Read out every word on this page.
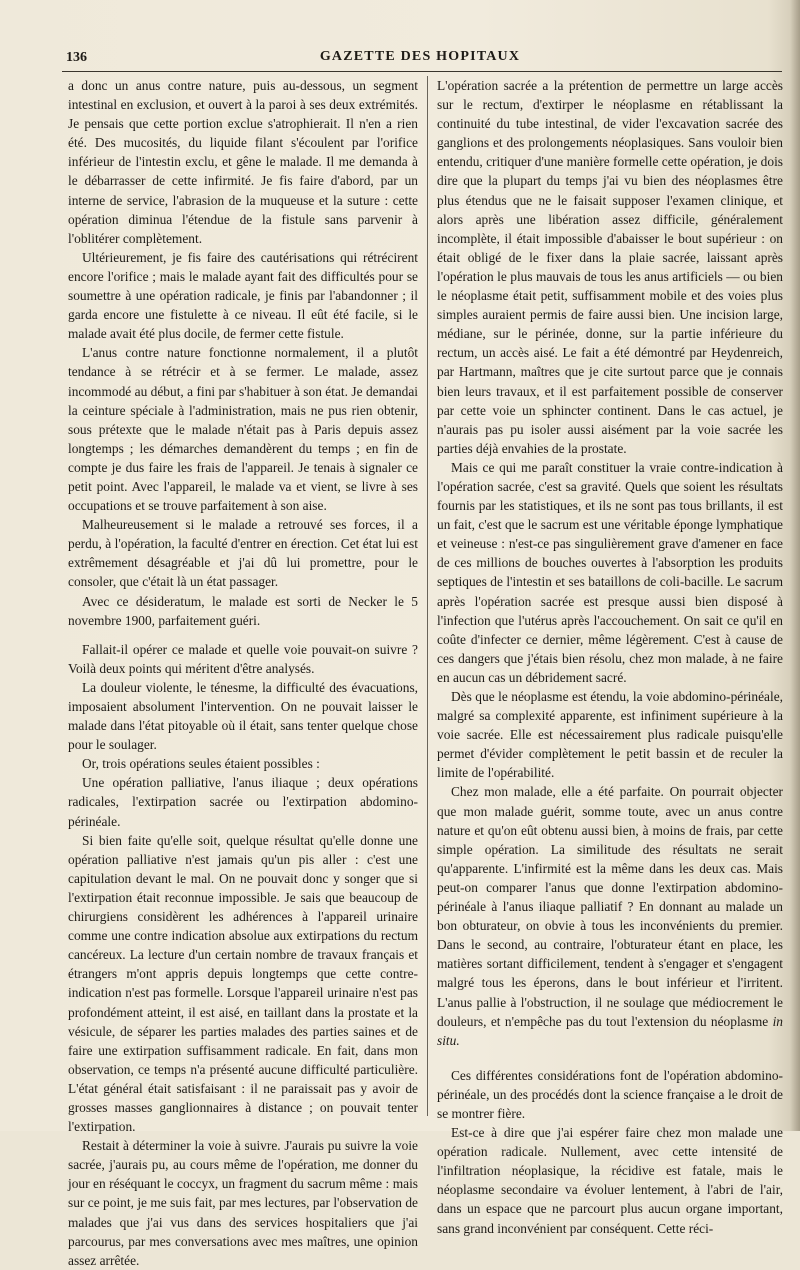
136	GAZETTE DES HOPITAUX

a donc un anus contre nature, puis au-dessous, un segment intestinal en exclusion, et ouvert à la paroi à ses deux extrémités. Je pensais que cette portion exclue s'atrophierait. Il n'en a rien été. Des mucosités, du liquide filant s'écoulent par l'orifice inférieur de l'intestin exclu, et gêne le malade. Il me demanda à le débarrasser de cette infirmité. Je fis faire d'abord, par un interne de service, l'abrasion de la muqueuse et la suture : cette opération diminua l'étendue de la fistule sans parvenir à l'oblitérer complètement.

Ultérieurement, je fis faire des cautérisations qui rétrécirent encore l'orifice ; mais le malade ayant fait des difficultés pour se soumettre à une opération radicale, je finis par l'abandonner ; il garda encore une fistulette à ce niveau. Il eût été facile, si le malade avait été plus docile, de fermer cette fistule.

L'anus contre nature fonctionne normalement, il a plutôt tendance à se rétrécir et à se fermer. Le malade, assez incommodé au début, a fini par s'habituer à son état. Je demandai la ceinture spéciale à l'administration, mais ne pus rien obtenir, sous prétexte que le malade n'était pas à Paris depuis assez longtemps ; les démarches demandèrent du temps ; en fin de compte je dus faire les frais de l'appareil. Je tenais à signaler ce petit point. Avec l'appareil, le malade va et vient, se livre à ses occupations et se trouve parfaitement à son aise.

Malheureusement si le malade a retrouvé ses forces, il a perdu, à l'opération, la faculté d'entrer en érection. Cet état lui est extrêmement désagréable et j'ai dû lui promettre, pour le consoler, que c'était là un état passager.

Avec ce désideratum, le malade est sorti de Necker le 5 novembre 1900, parfaitement guéri.

Fallait-il opérer ce malade et quelle voie pouvait-on suivre ? Voilà deux points qui méritent d'être analysés.

La douleur violente, le ténesme, la difficulté des évacuations, imposaient absolument l'intervention. On ne pouvait laisser le malade dans l'état pitoyable où il était, sans tenter quelque chose pour le soulager.

Or, trois opérations seules étaient possibles :

Une opération palliative, l'anus iliaque ; deux opérations radicales, l'extirpation sacrée ou l'extirpation abdomino-périnéale.

Si bien faite qu'elle soit, quelque résultat qu'elle donne une opération palliative n'est jamais qu'un pis aller : c'est une capitulation devant le mal. On ne pouvait donc y songer que si l'extirpation était reconnue impossible. Je sais que beaucoup de chirurgiens considèrent les adhérences à l'appareil urinaire comme une contre indication absolue aux extirpations du rectum cancéreux. La lecture d'un certain nombre de travaux français et étrangers m'ont appris depuis longtemps que cette contre-indication n'est pas formelle. Lorsque l'appareil urinaire n'est pas profondément atteint, il est aisé, en taillant dans la prostate et la vésicule, de séparer les parties malades des parties saines et de faire une extirpation suffisamment radicale. En fait, dans mon observation, ce temps n'a présenté aucune difficulté particulière. L'état général était satisfaisant : il ne paraissait pas y avoir de grosses masses ganglionnaires à distance ; on pouvait tenter l'extirpation.

Restait à déterminer la voie à suivre. J'aurais pu suivre la voie sacrée, j'aurais pu, au cours même de l'opération, me donner du jour en réséquant le coccyx, un fragment du sacrum même : mais sur ce point, je me suis fait, par mes lectures, par l'observation de malades que j'ai vus dans des services hospitaliers que j'ai parcourus, par mes conversations avec mes maîtres, une opinion assez arrêtée.

L'opération sacrée a la prétention de permettre un large accès sur le rectum, d'extirper le néoplasme en rétablissant la continuité du tube intestinal, de vider l'excavation sacrée des ganglions et des prolongements néoplasiques. Sans vouloir bien entendu, critiquer d'une manière formelle cette opération, je dois dire que la plupart du temps j'ai vu bien des néoplasmes être plus étendus que ne le faisait supposer l'examen clinique, et alors après une libération assez difficile, généralement incomplète, il était impossible d'abaisser le bout supérieur : on était obligé de le fixer dans la plaie sacrée, laissant après l'opération le plus mauvais de tous les anus artificiels — ou bien le néoplasme était petit, suffisamment mobile et des voies plus simples auraient permis de faire aussi bien. Une incision large, médiane, sur le périnée, donne, sur la partie inférieure du rectum, un accès aisé. Le fait a été démontré par Heydenreich, par Hartmann, maîtres que je cite surtout parce que je connais bien leurs travaux, et il est parfaitement possible de conserver par cette voie un sphincter continent. Dans le cas actuel, je n'aurais pas pu isoler aussi aisément par la voie sacrée les parties déjà envahies de la prostate.

Mais ce qui me paraît constituer la vraie contre-indication à l'opération sacrée, c'est sa gravité. Quels que soient les résultats fournis par les statistiques, et ils ne sont pas tous brillants, il est un fait, c'est que le sacrum est une véritable éponge lymphatique et veineuse : n'est-ce pas singulièrement grave d'amener en face de ces millions de bouches ouvertes à l'absorption les produits septiques de l'intestin et ses bataillons de coli-bacille. Le sacrum après l'opération sacrée est presque aussi bien disposé à l'infection que l'utérus après l'accouchement. On sait ce qu'il en coûte d'infecter ce dernier, même légèrement. C'est à cause de ces dangers que j'étais bien résolu, chez mon malade, à ne faire en aucun cas un débridement sacré.

Dès que le néoplasme est étendu, la voie abdomino-périnéale, malgré sa complexité apparente, est infiniment supérieure à la voie sacrée. Elle est nécessairement plus radicale puisqu'elle permet d'évider complètement le petit bassin et de reculer la limite de l'opérabilité.

Chez mon malade, elle a été parfaite. On pourrait objecter que mon malade guérit, somme toute, avec un anus contre nature et qu'on eût obtenu aussi bien, à moins de frais, par cette simple opération. La similitude des résultats ne serait qu'apparente. L'infirmité est la même dans les deux cas. Mais peut-on comparer l'anus que donne l'extirpation abdomino-périnéale à l'anus iliaque palliatif ? En donnant au malade un bon obturateur, on obvie à tous les inconvénients du premier. Dans le second, au contraire, l'obturateur étant en place, les matières sortant difficilement, tendent à s'engager et s'engagent malgré tous les éperons, dans le bout inférieur et l'irritent. L'anus pallie à l'obstruction, il ne soulage que médiocrement le douleurs, et n'empêche pas du tout l'extension du néoplasme in situ.

Ces différentes considérations font de l'opération abdomino-périnéale, un des procédés dont la science française a le droit de se montrer fière.

Est-ce à dire que j'ai espérer faire chez mon malade une opération radicale. Nullement, avec cette intensité de l'infiltration néoplasique, la récidive est fatale, mais le néoplasme secondaire va évoluer lentement, à l'abri de l'air, dans un espace que ne parcourt plus aucun organe important, sans grand inconvénient par conséquent. Cette réci-
